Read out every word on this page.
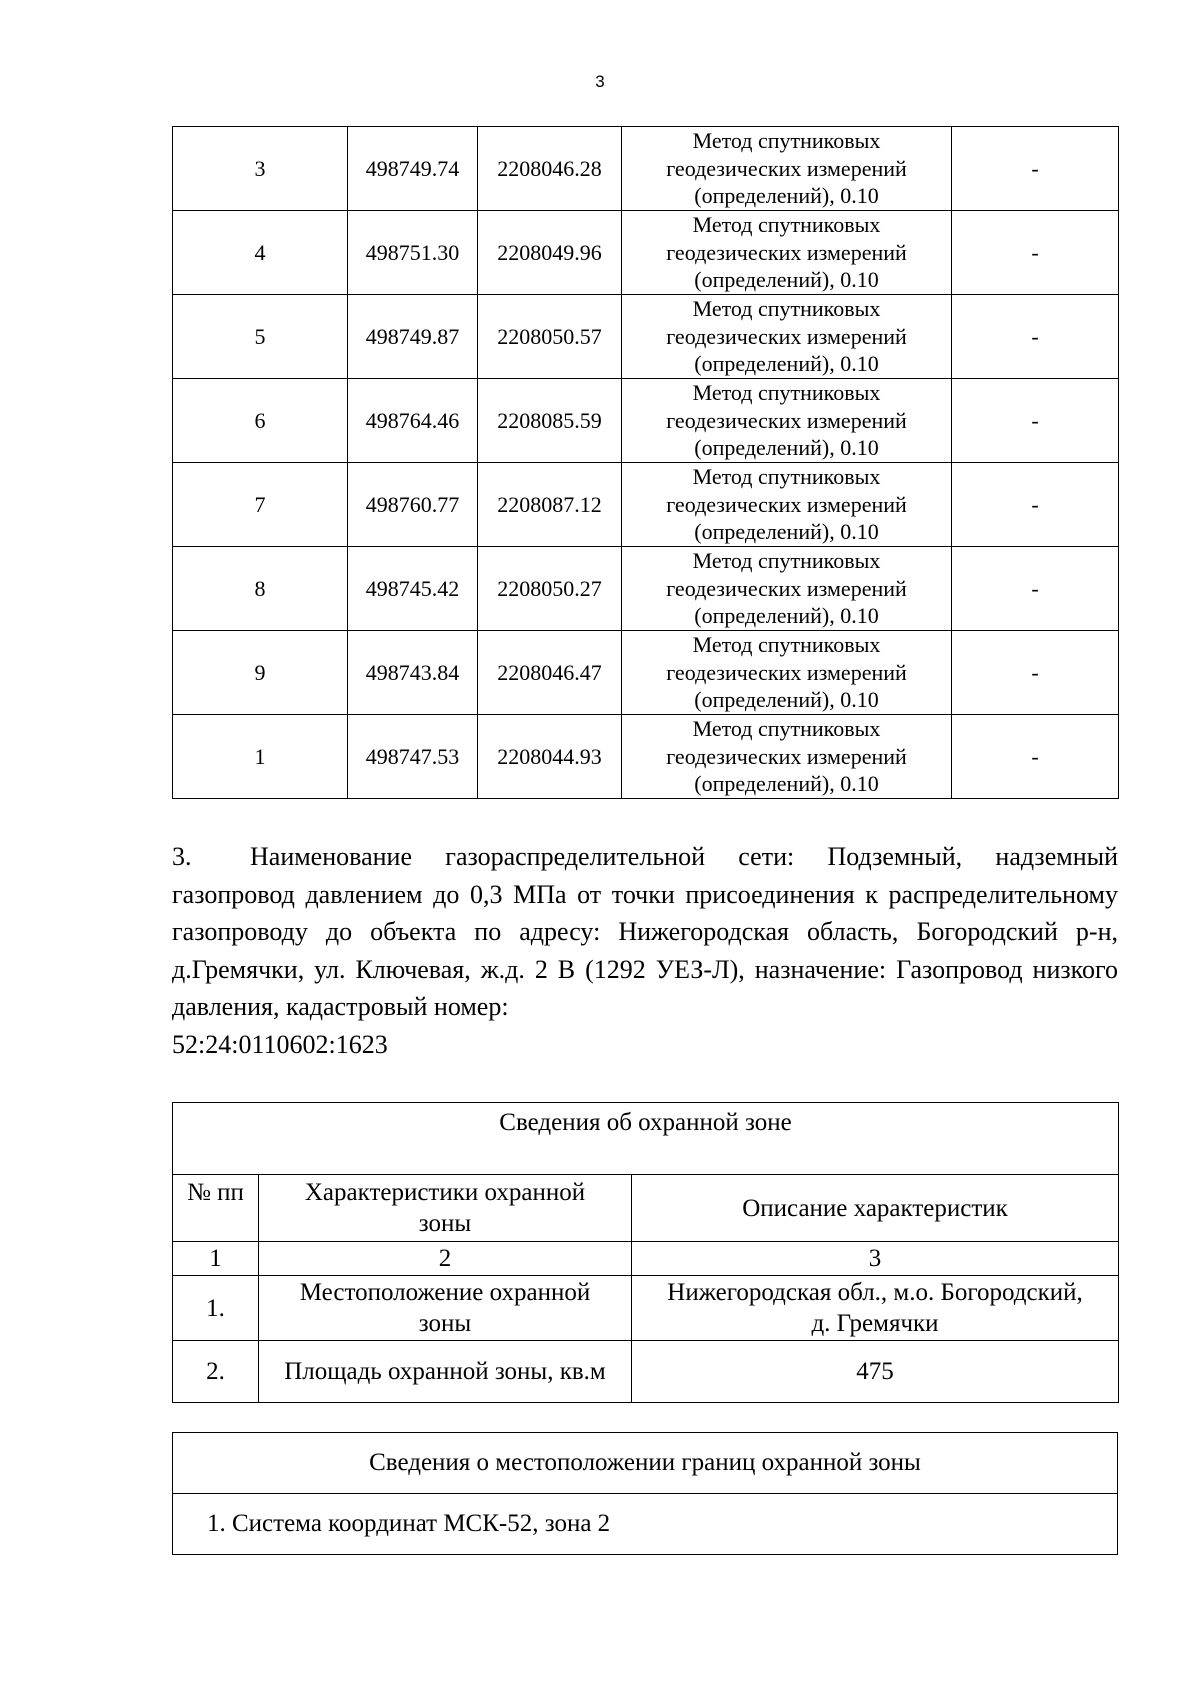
3
3	498749.74	2208046.28	Метод спутниковых
геодезических измерений
(определений), 0.10	-
4	498751.30	2208049.96	Метод спутниковых
геодезических измерений
(определений), 0.10	-
5	498749.87	2208050.57	Метод спутниковых
геодезических измерений
(определений), 0.10	-
6	498764.46	2208085.59	Метод спутниковых
геодезических измерений
(определений), 0.10	-
7	498760.77	2208087.12	Метод спутниковых
геодезических измерений
(определений), 0.10	-
8	498745.42	2208050.27	Метод спутниковых
геодезических измерений
(определений), 0.10	-
9	498743.84	2208046.47	Метод спутниковых
геодезических измерений
(определений), 0.10	-
1	498747.53	2208044.93	Метод спутниковых
геодезических измерений
(определений), 0.10	-

3. Наименование газораспределительной сети: Подземный, надземный газопровод давлением до 0,3 МПа от точки присоединения к распределительному газопроводу до объекта по адресу: Нижегородская область, Богородский р-н, д.Гремячки, ул. Ключевая, ж.д. 2 В (1292 УЕЗ-Л), назначение: Газопровод низкого давления, кадастровый номер:
52:24:0110602:1623

Сведения об охранной зоне		
№ пп	Характеристики охранной
зоны	Описание характеристик
1	2	3
1.	Местоположение охранной
зоны	Нижегородская обл., м.о. Богородский,
д. Гремячки
2.	Площадь охранной зоны, кв.м	475
Сведения о местоположении границ охранной зоны
1. Система координат МСК-52, зона 2
